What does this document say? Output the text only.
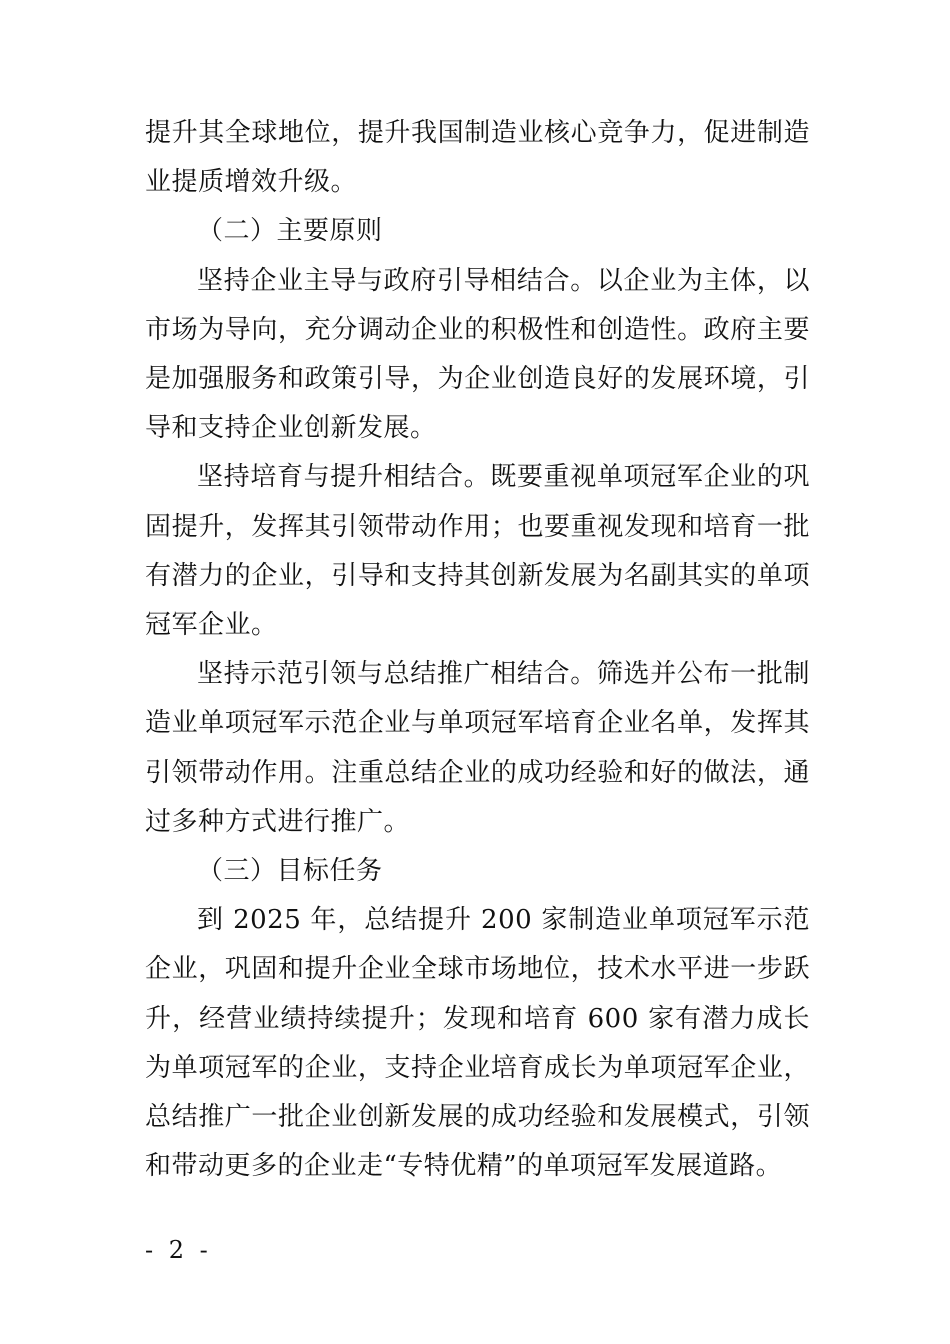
提升其全球地位，提升我国制造业核心竞争力，促进制造业提质增效升级。

（二）主要原则

坚持企业主导与政府引导相结合。以企业为主体，以市场为导向，充分调动企业的积极性和创造性。政府主要是加强服务和政策引导，为企业创造良好的发展环境，引导和支持企业创新发展。

坚持培育与提升相结合。既要重视单项冠军企业的巩固提升，发挥其引领带动作用；也要重视发现和培育一批有潜力的企业，引导和支持其创新发展为名副其实的单项冠军企业。

坚持示范引领与总结推广相结合。筛选并公布一批制造业单项冠军示范企业与单项冠军培育企业名单，发挥其引领带动作用。注重总结企业的成功经验和好的做法，通过多种方式进行推广。

（三）目标任务

到 2025 年，总结提升 200 家制造业单项冠军示范企业，巩固和提升企业全球市场地位，技术水平进一步跃升，经营业绩持续提升；发现和培育 600 家有潜力成长为单项冠军的企业，支持企业培育成长为单项冠军企业，总结推广一批企业创新发展的成功经验和发展模式，引领和带动更多的企业走“专特优精”的单项冠军发展道路。

- 2 -
